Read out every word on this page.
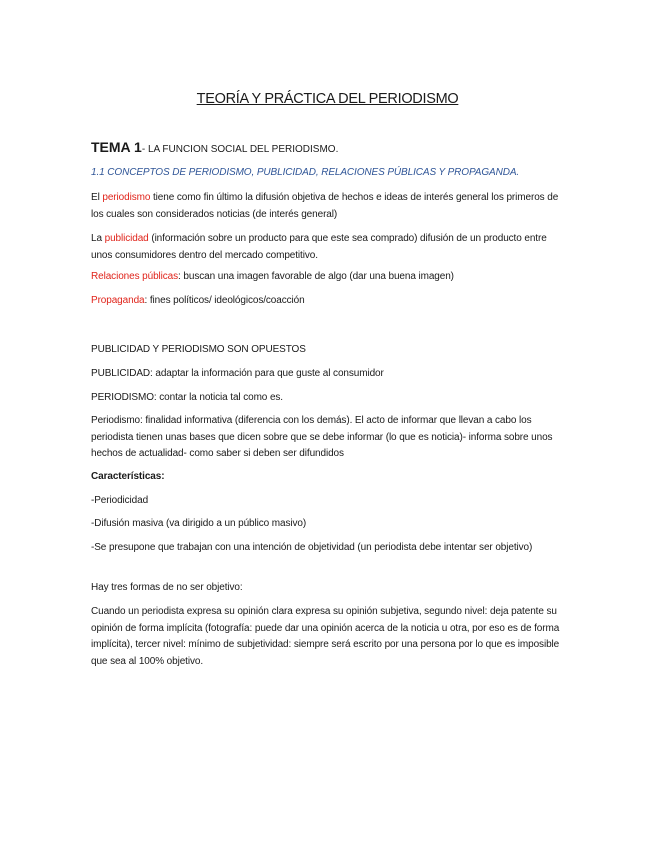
TEORÍA Y PRÁCTICA DEL PERIODISMO
TEMA 1- LA FUNCION SOCIAL DEL PERIODISMO.
1.1 CONCEPTOS DE PERIODISMO, PUBLICIDAD, RELACIONES PÚBLICAS Y PROPAGANDA.
El periodismo tiene como fin último la difusión objetiva de hechos e ideas de interés general los primeros de los cuales son considerados noticias (de interés general)
La publicidad (información sobre un producto para que este sea comprado) difusión de un producto entre unos consumidores dentro del mercado competitivo.
Relaciones públicas: buscan una imagen favorable de algo (dar una buena imagen)
Propaganda: fines políticos/ ideológicos/coacción
PUBLICIDAD Y PERIODISMO SON OPUESTOS
PUBLICIDAD: adaptar la información para que guste al consumidor
PERIODISMO: contar la noticia tal como es.
Periodismo: finalidad informativa (diferencia con los demás). El acto de informar que llevan a cabo los periodista tienen unas bases que dicen sobre que se debe informar (lo que es noticia)- informa sobre unos hechos de actualidad- como saber si deben ser difundidos
Características:
-Periodicidad
-Difusión masiva (va dirigido a un público masivo)
-Se presupone que trabajan con una intención de objetividad (un periodista debe intentar ser objetivo)
Hay tres formas de no ser objetivo:
Cuando un periodista expresa su opinión clara expresa su opinión subjetiva, segundo nivel: deja patente su opinión de forma implícita (fotografía: puede dar una opinión acerca de la noticia u otra, por eso es de forma implícita), tercer nivel: mínimo de subjetividad: siempre será escrito por una persona por lo que es imposible que sea al 100% objetivo.
